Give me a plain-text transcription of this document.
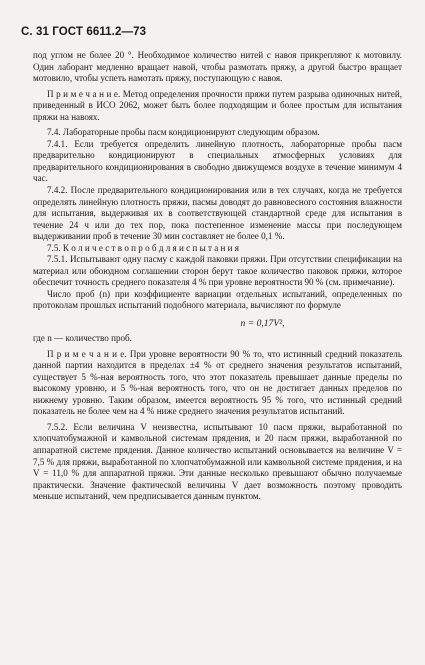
С. 31 ГОСТ 6611.2—73

под углом не более 20 °. Необходимое количество нитей с навоя прикрепляют к мотовилу. Один лаборант медленно вращает навой, чтобы размотать пряжу, а другой быстро вращает мотовило, чтобы успеть намотать пряжу, поступающую с навоя.

П р и м е ч а н и е. Метод определения прочности пряжи путем разрыва одиночных нитей, приведенный в ИСО 2062, может быть более подходящим и более простым для испытания пряжи на навоях.

7.4. Лабораторные пробы пасм кондиционируют следующим образом.

7.4.1. Если требуется определить линейную плотность, лабораторные пробы пасм предварительно кондиционируют в специальных атмосферных условиях для предварительного кондиционирования в свободно движущемся воздухе в течение минимум 4 час.

7.4.2. После предварительного кондиционирования или в тех случаях, когда не требуется определять линейную плотность пряжи, пасмы доводят до равновесного состояния влажности для испытания, выдерживая их в соответствующей стандартной среде для испытания в течение 24 ч или до тех пор, пока постепенное изменение массы при последующем выдерживании проб в течение 30 мин составляет не более 0,1 %.

7.5. К о л и ч е с т в о п р о б д л я и с п ы т а н и я

7.5.1. Испытывают одну пасму с каждой паковки пряжи. При отсутствии спецификации на материал или обоюдном соглашении сторон берут такое количество паковок пряжи, которое обеспечит точность среднего показателя 4 % при уровне вероятности 90 % (см. примечание).

Число проб (n) при коэффициенте вариации отдельных испытаний, определенных по протоколам прошлых испытаний подобного материала, вычисляют по формуле

n = 0,17V²,

где n — количество проб.

П р и м е ч а н и е. При уровне вероятности 90 % то, что истинный средний показатель данной партии находится в пределах ±4 % от среднего значения результатов испытаний, существует 5 %-ная вероятность того, что этот показатель превышает данные пределы по высокому уровню, и 5 %-ная вероятность того, что он не достигает данных пределов по нижнему уровню. Таким образом, имеется вероятность 95 % того, что истинный средний показатель не более чем на 4 % ниже среднего значения результатов испытаний.

7.5.2. Если величина V неизвестна, испытывают 10 пасм пряжи, выработанной по хлопчатобумажной и камвольной системам прядения, и 20 пасм пряжи, выработанной по аппаратной системе прядения. Данное количество испытаний основывается на величине V = 7,5 % для пряжи, выработанной по хлопчатобумажной или камвольной системе прядения, и на V = 11,0 % для аппаратной пряжи. Эти данные несколько превышают обычно получаемые практически. Значение фактической величины V дает возможность поэтому проводить меньше испытаний, чем предписывается данным пунктом.
